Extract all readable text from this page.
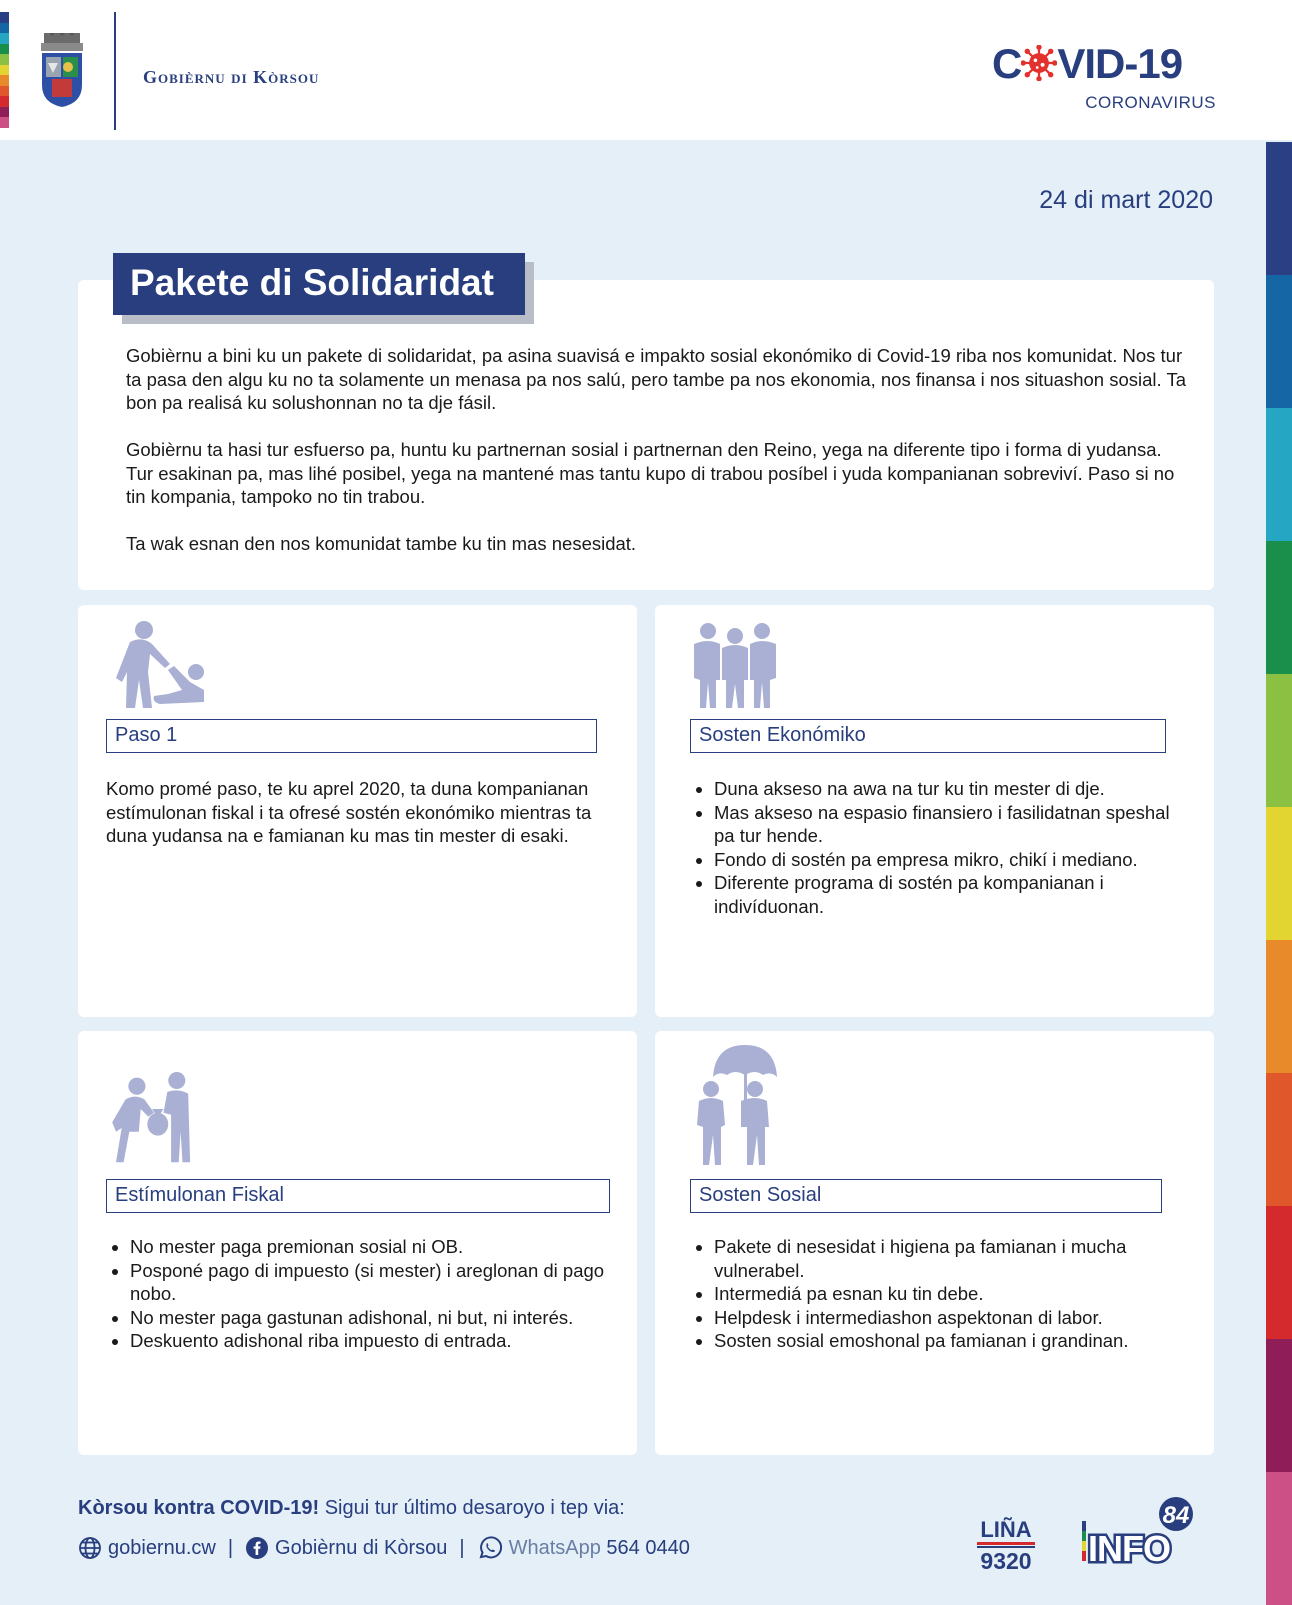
Gobièrnu di Kòrsou	C VID-19
CORONAVIRUS
24 di mart 2020
Pakete di Solidaridat

Gobièrnu a bini ku un pakete di solidaridat, pa asina suavisá e impakto sosial ekonómiko di Covid-19 riba nos komunidat. Nos tur ta pasa den algu ku no ta solamente un menasa pa nos salú, pero tambe pa nos ekonomia, nos finansa i nos situashon sosial. Ta bon pa realisá ku solushonnan no ta dje fásil.

Gobièrnu ta hasi tur esfuerso pa, huntu ku partnernan sosial i partnernan den Reino, yega na diferente tipo i forma di yudansa. Tur esakinan pa, mas lihé posibel, yega na mantené mas tantu kupo di trabou posíbel i yuda kompanianan sobreviví. Paso si no tin kompania, tampoko no tin trabou.

Ta wak esnan den nos komunidat tambe ku tin mas nesesidat.

Paso 1
Komo promé paso, te ku aprel 2020, ta duna kompanianan estímulonan fiskal i ta ofresé sostén ekonómiko mientras ta duna yudansa na e famianan ku mas tin mester di esaki.
Sosten Ekonómiko
• Duna akseso na awa na tur ku tin mester di dje.
• Mas akseso na espasio finansiero i fasilidatnan speshal pa tur hende.
• Fondo di sostén pa empresa mikro, chikí i mediano.
• Diferente programa di sostén pa kompanianan i indivíduonan.
Estímulonan Fiskal
• No mester paga premionan sosial ni OB.
• Posponé pago di impuesto (si mester) i areglonan di pago nobo.
• No mester paga gastunan adishonal, ni but, ni interés.
• Deskuento adishonal riba impuesto di entrada.
Sosten Sosial
• Pakete di nesesidat i higiena pa famianan i mucha vulnerabel.
• Intermediá pa esnan ku tin debe.
• Helpdesk i intermediashon aspektonan di labor.
• Sosten sosial emoshonal pa famianan i grandinan.
Kòrsou kontra COVID-19! Sigui tur último desaroyo i tep via:
gobiernu.cw | Gobièrnu di Kòrsou | WhatsApp
564 0440
LIÑA
9320 INFO
84
